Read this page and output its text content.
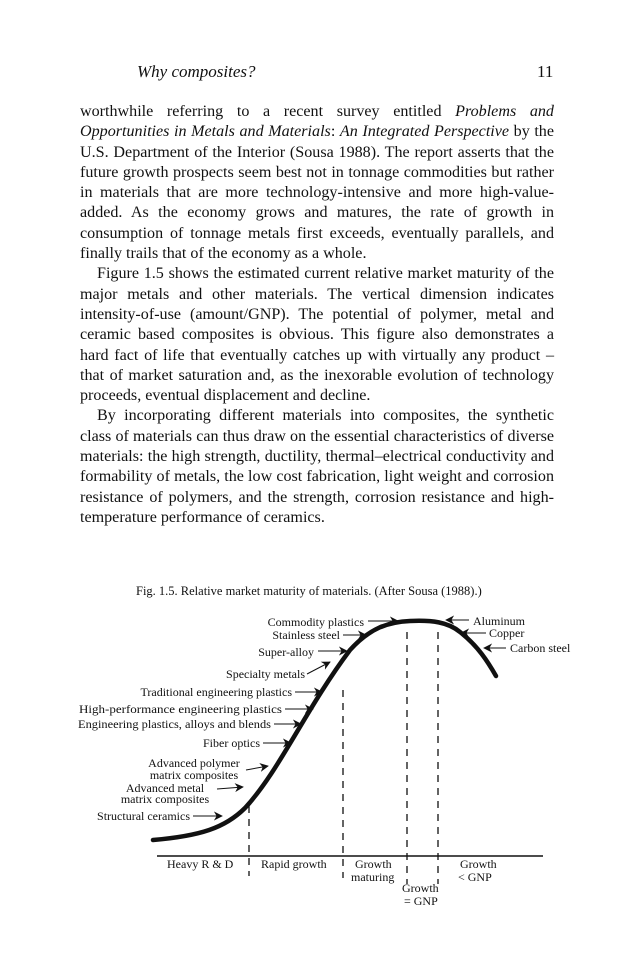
Why composites?	11

worthwhile referring to a recent survey entitled Problems and Opportunities in Metals and Materials: An Integrated Perspective by the U.S. Department of the Interior (Sousa 1988). The report asserts that the future growth prospects seem best not in tonnage commodities but rather in materials that are more technology-intensive and more high-value-added. As the economy grows and matures, the rate of growth in consumption of tonnage metals first exceeds, eventually parallels, and finally trails that of the economy as a whole.

Figure 1.5 shows the estimated current relative market maturity of the major metals and other materials. The vertical dimension indicates intensity-of-use (amount/GNP). The potential of polymer, metal and ceramic based composites is obvious. This figure also demonstrates a hard fact of life that eventually catches up with virtually any product – that of market saturation and, as the inexorable evolution of technology proceeds, eventual displacement and decline.

By incorporating different materials into composites, the synthetic class of materials can thus draw on the essential characteristics of diverse materials: the high strength, ductility, thermal–electrical conductivity and formability of metals, the low cost fabrication, light weight and corrosion resistance of polymers, and the strength, corrosion resistance and high-temperature performance of ceramics.

Fig. 1.5. Relative market maturity of materials. (After Sousa (1988).)
Commodity plastics
Stainless steel
Super-alloy
Specialty metals
Traditional engineering plastics
High-performance engineering plastics
Engineering plastics, alloys and blends
Fiber optics
Advanced polymer
matrix composites
Advanced metal
matrix composites
Structural ceramics
Aluminum
Copper
Carbon steel
Heavy R & D Rapid growth Growth
maturing
Growth
= GNP
Growth
< GNP
